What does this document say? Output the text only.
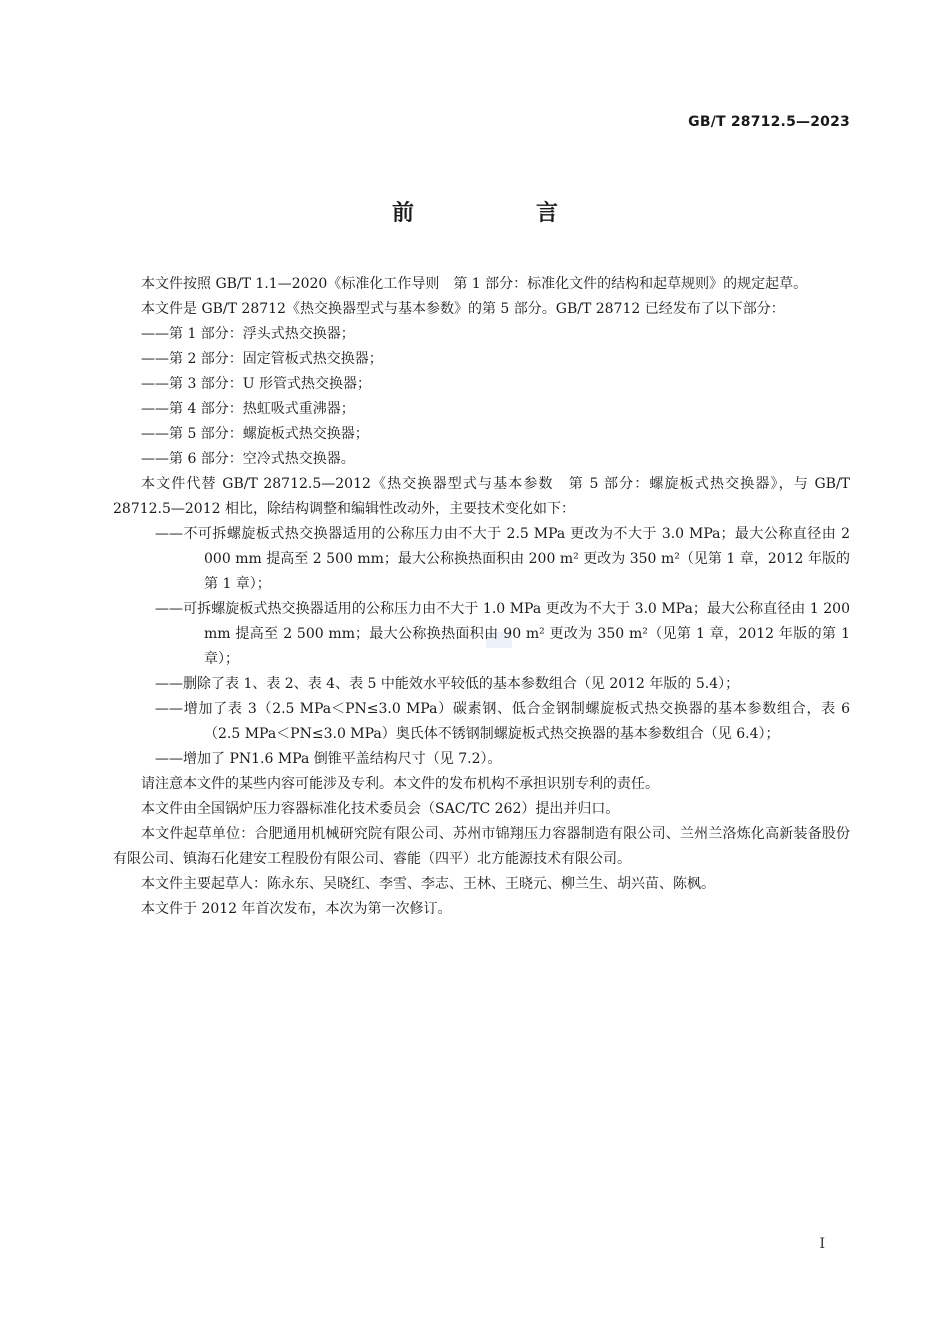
GB/T 28712.5—2023
前　言

本文件按照 GB/T 1.1—2020《标准化工作导则　第 1 部分：标准化文件的结构和起草规则》的规定起草。

本文件是 GB/T 28712《热交换器型式与基本参数》的第 5 部分。GB/T 28712 已经发布了以下部分：

——第 1 部分：浮头式热交换器；

——第 2 部分：固定管板式热交换器；

——第 3 部分：U 形管式热交换器；

——第 4 部分：热虹吸式重沸器；

——第 5 部分：螺旋板式热交换器；

——第 6 部分：空冷式热交换器。

本文件代替 GB/T 28712.5—2012《热交换器型式与基本参数　第 5 部分：螺旋板式热交换器》，与 GB/T 28712.5—2012 相比，除结构调整和编辑性改动外，主要技术变化如下：

——不可拆螺旋板式热交换器适用的公称压力由不大于 2.5 MPa 更改为不大于 3.0 MPa；最大公称直径由 2 000 mm 提高至 2 500 mm；最大公称换热面积由 200 m² 更改为 350 m²（见第 1 章，2012 年版的第 1 章）；

——可拆螺旋板式热交换器适用的公称压力由不大于 1.0 MPa 更改为不大于 3.0 MPa；最大公称直径由 1 200 mm 提高至 2 500 mm；最大公称换热面积由 90 m² 更改为 350 m²（见第 1 章，2012 年版的第 1 章）；

——删除了表 1、表 2、表 4、表 5 中能效水平较低的基本参数组合（见 2012 年版的 5.4）；

——增加了表 3（2.5 MPa＜PN≤3.0 MPa）碳素钢、低合金钢制螺旋板式热交换器的基本参数组合，表 6（2.5 MPa＜PN≤3.0 MPa）奥氏体不锈钢制螺旋板式热交换器的基本参数组合（见 6.4）；

——增加了 PN1.6 MPa 倒锥平盖结构尺寸（见 7.2）。

请注意本文件的某些内容可能涉及专利。本文件的发布机构不承担识别专利的责任。

本文件由全国锅炉压力容器标准化技术委员会（SAC/TC 262）提出并归口。

本文件起草单位：合肥通用机械研究院有限公司、苏州市锦翔压力容器制造有限公司、兰州兰洛炼化高新装备股份有限公司、镇海石化建安工程股份有限公司、睿能（四平）北方能源技术有限公司。

本文件主要起草人：陈永东、吴晓红、李雪、李志、王林、王晓元、柳兰生、胡兴苗、陈枫。

本文件于 2012 年首次发布，本次为第一次修订。

I
